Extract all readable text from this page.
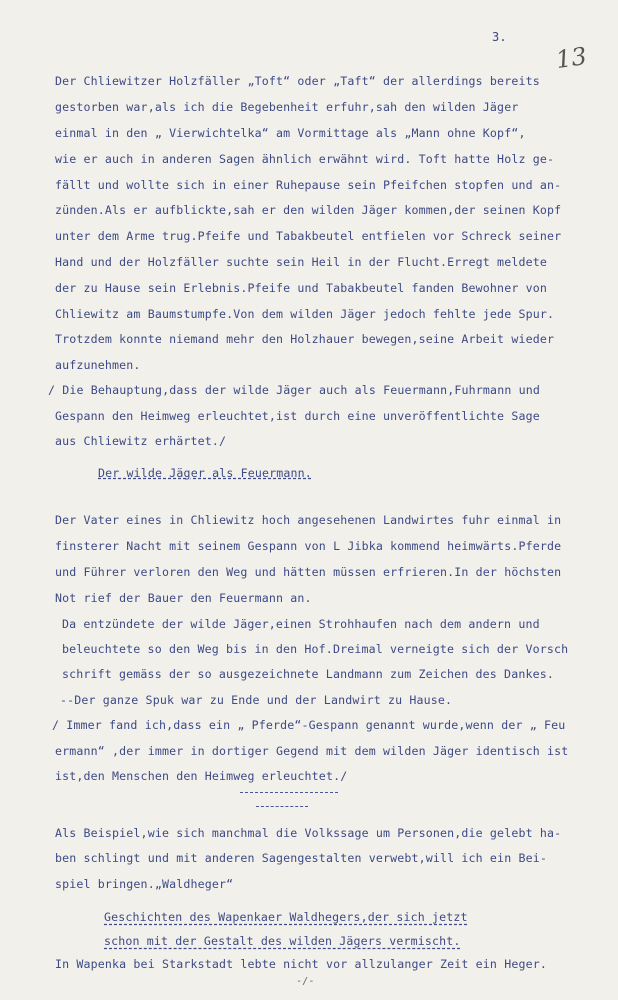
3.
13
Der Chliewitzer Holzfäller „Toft“ oder „Taft“ der allerdings bereits
gestorben war,als ich die Begebenheit erfuhr,sah den wilden Jäger
einmal in den „ Vierwichtelka“ am Vormittage als „Mann ohne Kopf“,
wie er auch in anderen Sagen ähnlich erwähnt wird. Toft hatte Holz ge-
fällt und wollte sich in einer Ruhepause sein Pfeifchen stopfen und an-
zünden.Als er aufblickte,sah er den wilden Jäger kommen,der seinen Kopf
unter dem Arme trug.Pfeife und Tabakbeutel entfielen vor Schreck seiner
Hand und der Holzfäller suchte sein Heil in der Flucht.Erregt meldete
der zu Hause sein Erlebnis.Pfeife und Tabakbeutel fanden Bewohner von
Chliewitz am Baumstumpfe.Von dem wilden Jäger jedoch fehlte jede Spur.
Trotzdem konnte niemand mehr den Holzhauer bewegen,seine Arbeit wieder
aufzunehmen.
/ Die Behauptung,dass der wilde Jäger auch als Feuermann,Fuhrmann und
Gespann den Heimweg erleuchtet,ist durch eine unveröffentlichte Sage
aus Chliewitz erhärtet./
Der wilde Jäger als Feuermann.
Der Vater eines in Chliewitz hoch angesehenen Landwirtes fuhr einmal in
finsterer Nacht mit seinem Gespann von L Jibka kommend heimwärts.Pferde
und Führer verloren den Weg und hätten müssen erfrieren.In der höchsten
Not rief der Bauer den Feuermann an.
Da entzündete der wilde Jäger,einen Strohhaufen nach dem andern und
beleuchtete so den Weg bis in den Hof.Dreimal verneigte sich der Vorsch
schrift gemäss der so ausgezeichnete Landmann zum Zeichen des Dankes.
--Der ganze Spuk war zu Ende und der Landwirt zu Hause.
/ Immer fand ich,dass ein „ Pferde“-Gespann genannt wurde,wenn der „ Feu
ermann“ ,der immer in dortiger Gegend mit dem wilden Jäger identisch ist
ist,den Menschen den Heimweg erleuchtet./
Als Beispiel,wie sich manchmal die Volkssage um Personen,die gelebt ha-
ben schlingt und mit anderen Sagengestalten verwebt,will ich ein Bei-
spiel bringen.„Waldheger“
Geschichten des Wapenkaer Waldhegers,der sich jetzt
schon mit der Gestalt des wilden Jägers vermischt.
In Wapenka bei Starkstadt lebte nicht vor allzulanger Zeit ein Heger.
-/-
